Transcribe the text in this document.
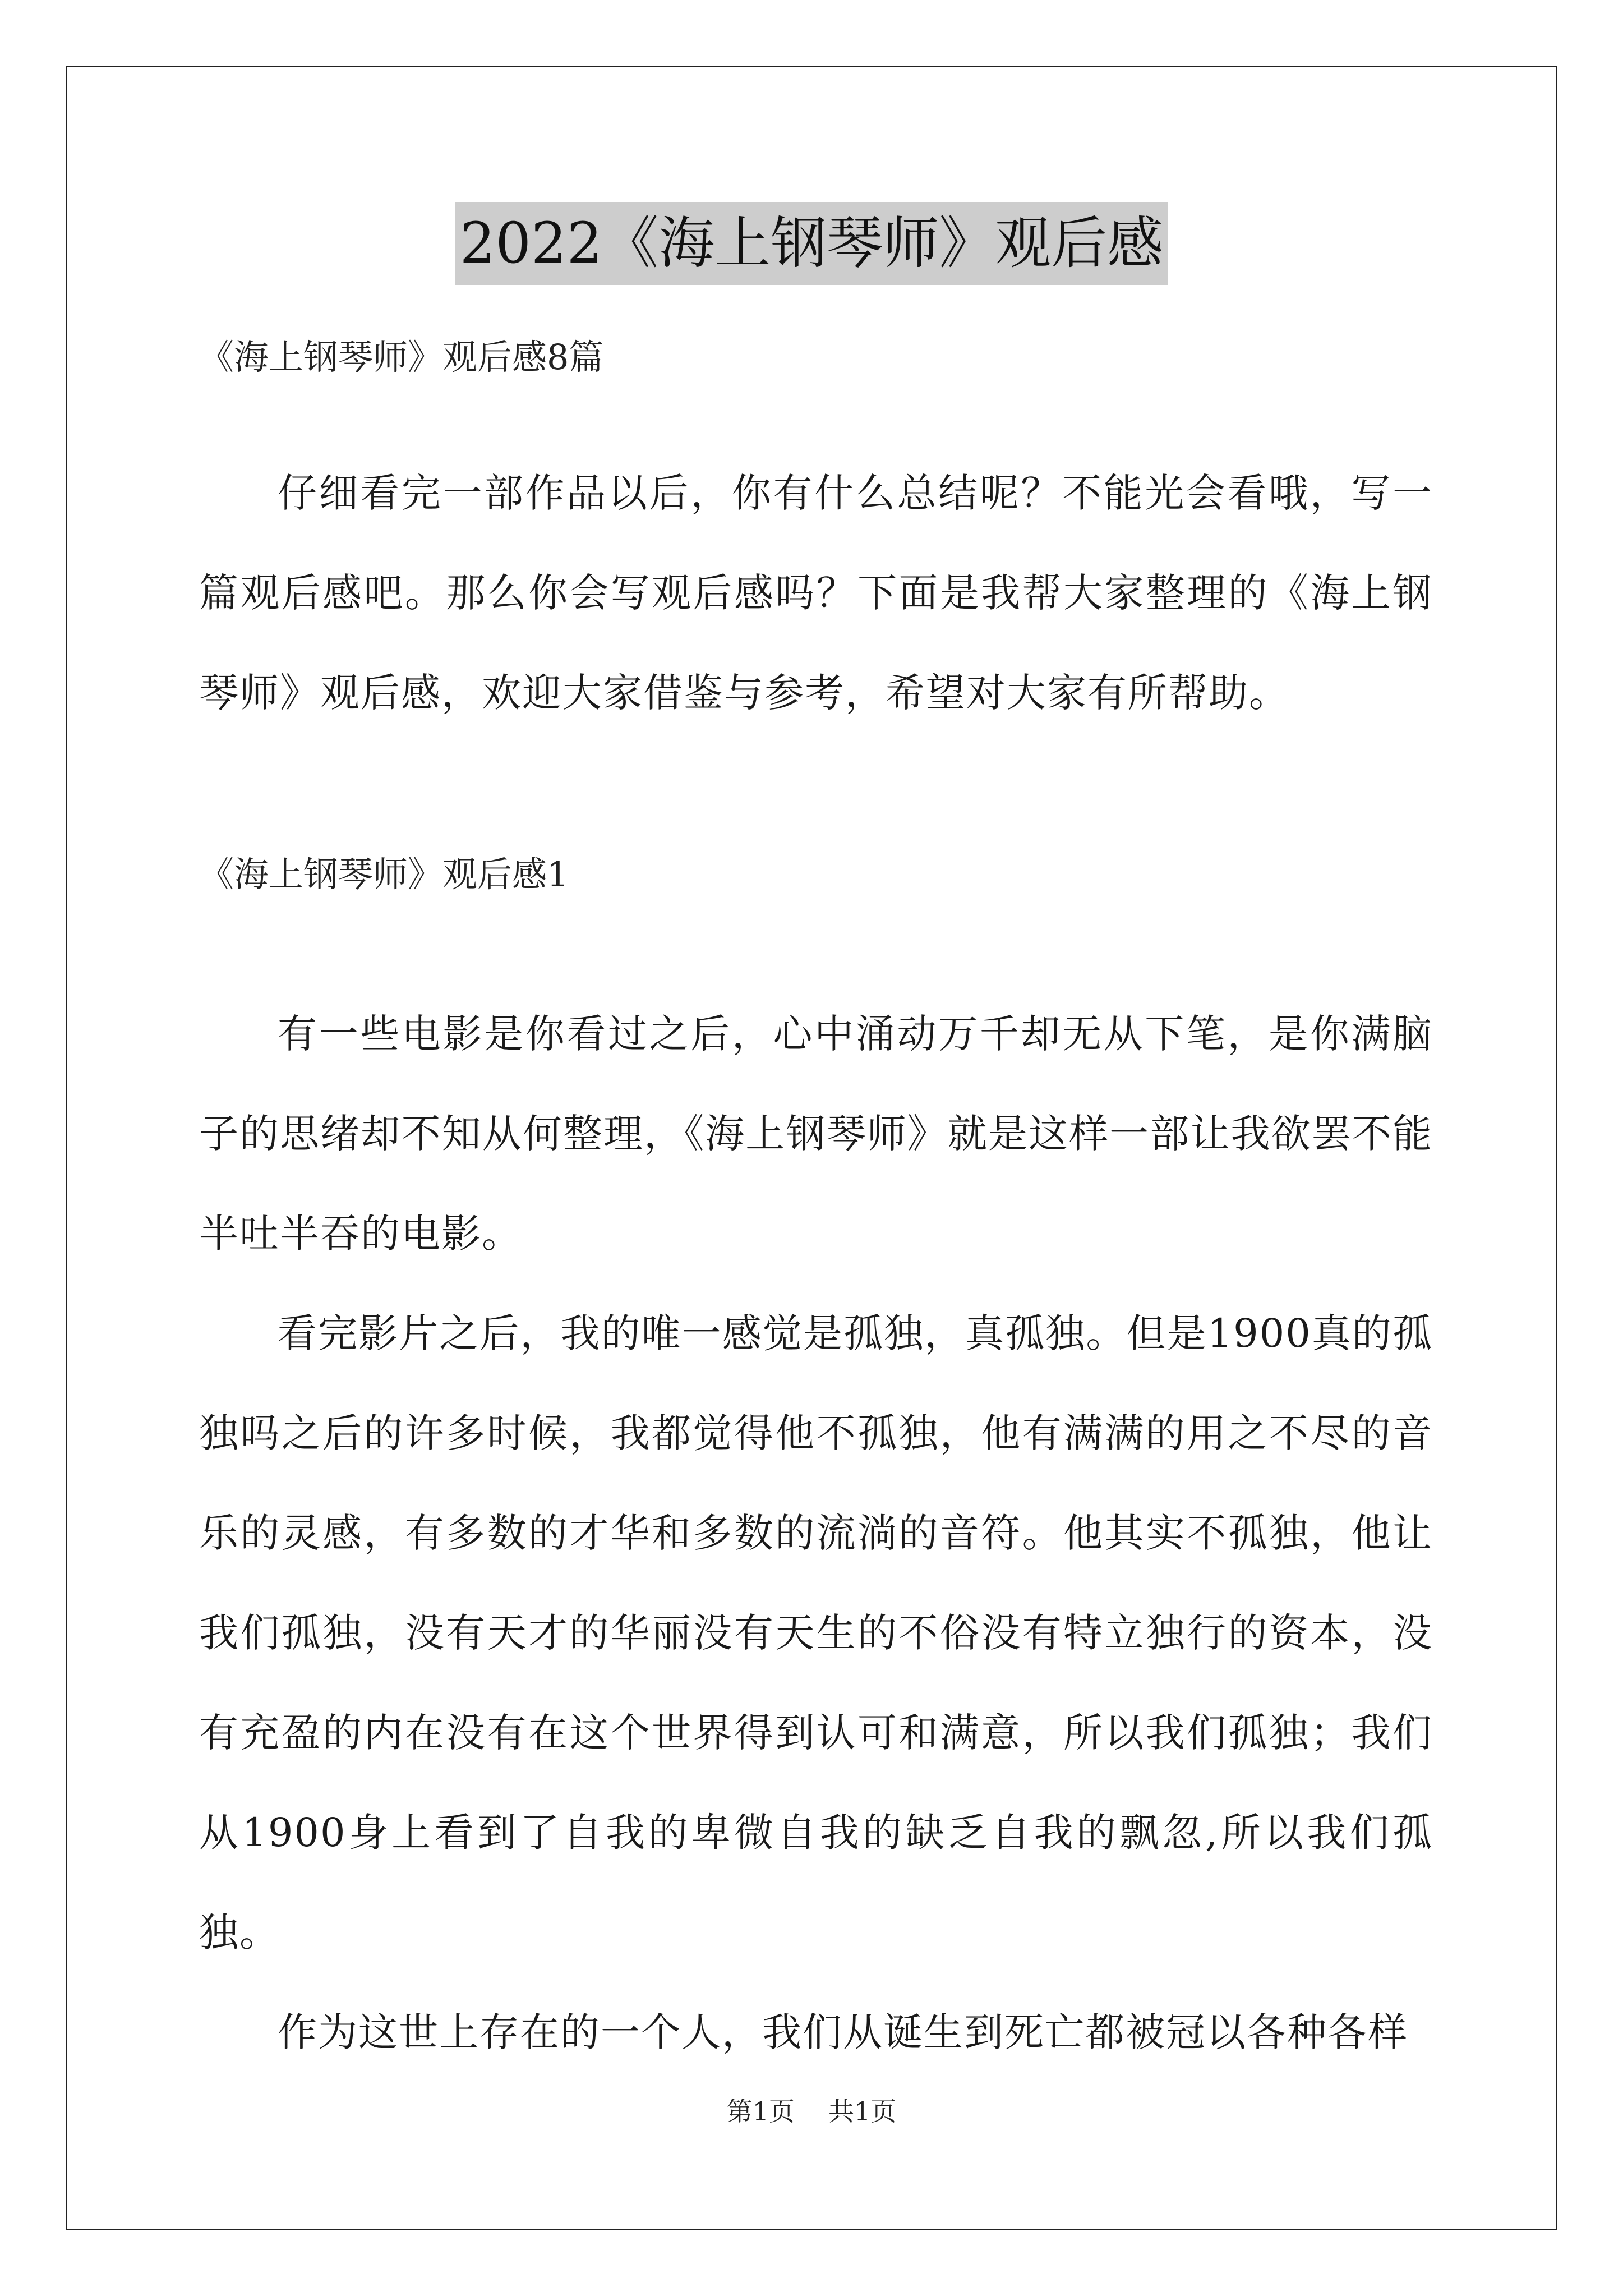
2022《海上钢琴师》观后感

《海上钢琴师》观后感8篇

仔细看完一部作品以后，你有什么总结呢？不能光会看哦，写一篇观后感吧。那么你会写观后感吗？下面是我帮大家整理的《海上钢琴师》观后感，欢迎大家借鉴与参考，希望对大家有所帮助。

《海上钢琴师》观后感1

有一些电影是你看过之后，心中涌动万千却无从下笔，是你满脑子的思绪却不知从何整理，《海上钢琴师》就是这样一部让我欲罢不能半吐半吞的电影。

看完影片之后，我的唯一感觉是孤独，真孤独。但是1900真的孤独吗之后的许多时候，我都觉得他不孤独，他有满满的用之不尽的音乐的灵感，有多数的才华和多数的流淌的音符。他其实不孤独，他让我们孤独，没有天才的华丽没有天生的不俗没有特立独行的资本，没有充盈的内在没有在这个世界得到认可和满意，所以我们孤独；我们从1900身上看到了自我的卑微自我的缺乏自我的飘忽,所以我们孤独。

作为这世上存在的一个人，我们从诞生到死亡都被冠以各种各样

第1页 共1页
